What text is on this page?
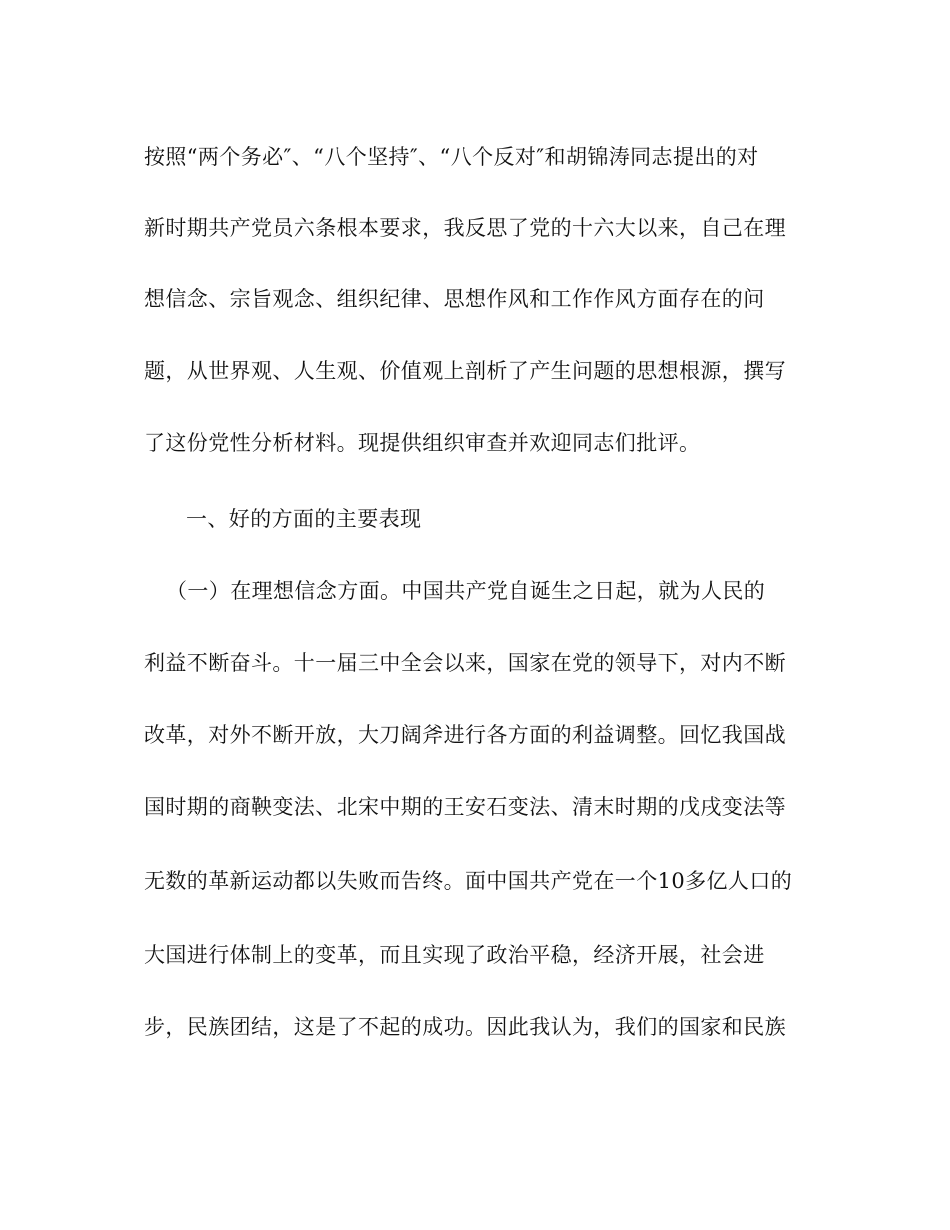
按照“两个务必″、“八个坚持″、“八个反对″和胡锦涛同志提出的对
新时期共产党员六条根本要求，我反思了党的十六大以来，自己在理
想信念、宗旨观念、组织纪律、思想作风和工作作风方面存在的问
题，从世界观、人生观、价值观上剖析了产生问题的思想根源，撰写
了这份党性分析材料。现提供组织审查并欢迎同志们批评。
一、好的方面的主要表现
（一）在理想信念方面。中国共产党自诞生之日起，就为人民的
利益不断奋斗。十一届三中全会以来，国家在党的领导下，对内不断
改革，对外不断开放，大刀阔斧进行各方面的利益调整。回忆我国战
国时期的商鞅变法、北宋中期的王安石变法、清末时期的戊戌变法等
无数的革新运动都以失败而告终。面中国共产党在一个10多亿人口的
大国进行体制上的变革，而且实现了政治平稳，经济开展，社会进
步，民族团结，这是了不起的成功。因此我认为，我们的国家和民族
